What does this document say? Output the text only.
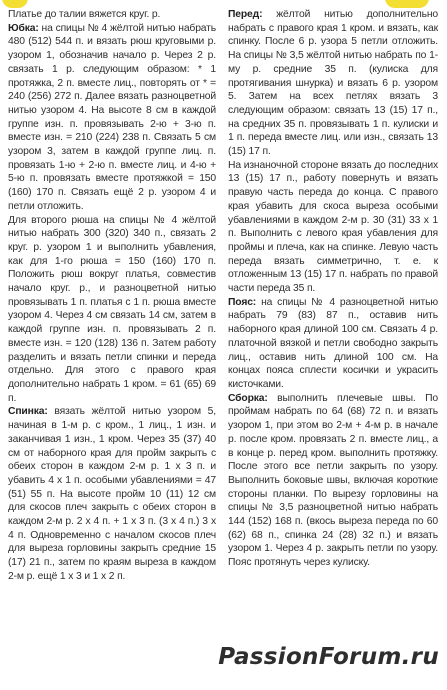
Платье до талии вяжется круг. р.

Юбка: на спицы № 4 жёлтой нитью набрать 480 (512) 544 п. и вязать рюш круговыми р. узором 1, обозначив начало р. Через 2 р. связать 1 р. следующим образом: * 1 протяжка, 2 п. вместе лиц., повторять от * = 240 (256) 272 п. Далее вязать разноцветной нитью узором 4. На высоте 8 см в каждой группе изн. п. провязывать 2-ю + 3-ю п. вместе изн. = 210 (224) 238 п. Связать 5 см узором 3, затем в каждой группе лиц. п. провязать 1-ю + 2-ю п. вместе лиц. и 4-ю + 5-ю п. провязать вместе протяжкой = 150 (160) 170 п. Связать ещё 2 р. узором 4 и петли отложить.

Для второго рюша на спицы № 4 жёлтой нитью набрать 300 (320) 340 п., связать 2 круг. р. узором 1 и выполнить убавления, как для 1-го рюша = 150 (160) 170 п. Положить рюш вокруг платья, совместив начало круг. р., и разноцветной нитью провязывать 1 п. платья с 1 п. рюша вместе узором 4. Через 4 см связать 14 см, затем в каждой группе изн. п. провязывать 2 п. вместе изн. = 120 (128) 136 п. Затем работу разделить и вязать петли спинки и переда отдельно. Для этого с правого края дополнительно набрать 1 кром. = 61 (65) 69 п.

Спинка: вязать жёлтой нитью узором 5, начиная в 1-м р. с кром., 1 лиц., 1 изн. и заканчивая 1 изн., 1 кром. Через 35 (37) 40 см от наборного края для пройм закрыть с обеих сторон в каждом 2-м р. 1 х 3 п. и убавить 4 х 1 п. особыми убавлениями = 47 (51) 55 п. На высоте пройм 10 (11) 12 см для скосов плеч закрыть с обеих сторон в каждом 2-м р. 2 х 4 п. + 1 х 3 п. (3 х 4 п.) 3 х 4 п. Одновременно с началом скосов плеч для выреза горловины закрыть средние 15 (17) 21 п., затем по краям выреза в каждом 2-м р. ещё 1 х 3 и 1 х 2 п.

Перед: жёлтой нитью дополнительно набрать с правого края 1 кром. и вязать, как спинку. После 6 р. узора 5 петли отложить. На спицы № 3,5 жёлтой нитью набрать по 1-му р. средние 35 п. (кулиска для протягивания шнурка) и вязать 6 р. узором 5. Затем на всех петлях вязать 3 следующим образом: связать 13 (15) 17 п., на средних 35 п. провязывать 1 п. кулиски и 1 п. переда вместе лиц. или изн., связать 13 (15) 17 п.

На изнаночной стороне вязать до последних 13 (15) 17 п., работу повернуть и вязать правую часть переда до конца. С правого края убавить для скоса выреза особыми убавлениями в каждом 2-м р. 30 (31) 33 х 1 п. Выполнить с левого края убавления для проймы и плеча, как на спинке. Левую часть переда вязать симметрично, т. е. к отложенным 13 (15) 17 п. набрать по правой части переда 35 п.

Пояс: на спицы № 4 разноцветной нитью набрать 79 (83) 87 п., оставив нить наборного края длиной 100 см. Связать 4 р. платочной вязкой и петли свободно закрыть лиц., оставив нить длиной 100 см. На концах пояса сплести косички и украсить кисточками.

Сборка: выполнить плечевые швы. По проймам набрать по 64 (68) 72 п. и вязать узором 1, при этом во 2-м + 4-м р. в начале р. после кром. провязать 2 п. вместе лиц., а в конце р. перед кром. выполнить протяжку. После этого все петли закрыть по узору. Выполнить боковые швы, включая короткие стороны планки. По вырезу горловины на спицы № 3,5 разноцветной нитью набрать 144 (152) 168 п. (вкось выреза переда по 60 (62) 68 п., спинка 24 (28) 32 п.) и вязать узором 1. Через 4 р. закрыть петли по узору. Пояс протянуть через кулиску.

PassionForum.ru
